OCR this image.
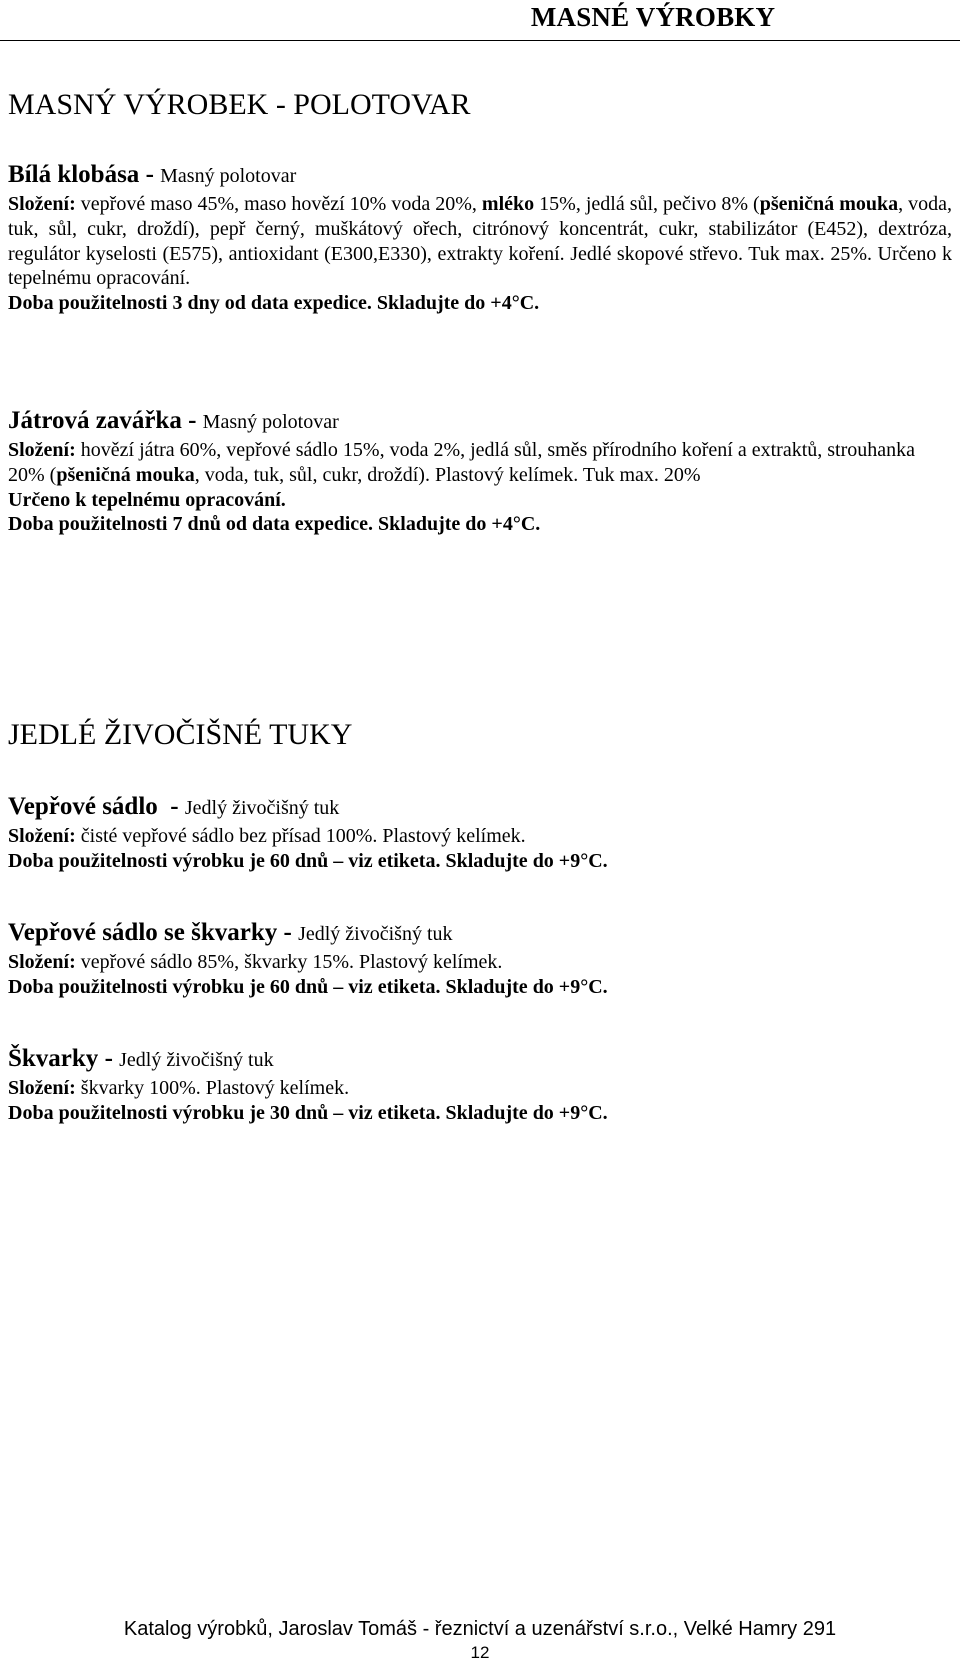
MASNÉ VÝROBKY
MASNÝ VÝROBEK - POLOTOVAR
Bílá klobása - Masný polotovar
Složení: vepřové maso 45%, maso hovězí 10% voda 20%, mléko 15%, jedlá sůl, pečivo 8% (pšeničná mouka, voda, tuk, sůl, cukr, droždí), pepř černý, muškátový ořech, citrónový koncentrát, cukr, stabilizátor (E452), dextróza, regulátor kyselosti (E575), antioxidant (E300,E330), extrakty koření. Jedlé skopové střevo. Tuk max. 25%. Určeno k tepelnému opracování.
Doba použitelnosti 3 dny od data expedice. Skladujte do +4°C.
Játrová zavářka - Masný polotovar
Složení: hovězí játra 60%, vepřové sádlo 15%, voda 2%, jedlá sůl, směs přírodního koření a extraktů, strouhanka 20% (pšeničná mouka, voda, tuk, sůl, cukr, droždí). Plastový kelímek. Tuk max. 20%
Určeno k tepelnému opracování.
Doba použitelnosti 7 dnů od data expedice. Skladujte do +4°C.
JEDLÉ ŽIVOČIŠNÉ TUKY
Vepřové sádlo  - Jedlý živočišný tuk
Složení: čisté vepřové sádlo bez přísad 100%. Plastový kelímek.
Doba použitelnosti výrobku je 60 dnů – viz etiketa. Skladujte do +9°C.
Vepřové sádlo se škvarky - Jedlý živočišný tuk
Složení: vepřové sádlo 85%, škvarky 15%. Plastový kelímek.
Doba použitelnosti výrobku je 60 dnů – viz etiketa. Skladujte do +9°C.
Škvarky - Jedlý živočišný tuk
Složení: škvarky 100%. Plastový kelímek.
Doba použitelnosti výrobku je 30 dnů – viz etiketa. Skladujte do +9°C.
Katalog výrobků, Jaroslav Tomáš - řeznictví a uzenářství s.r.o., Velké Hamry 291
12
